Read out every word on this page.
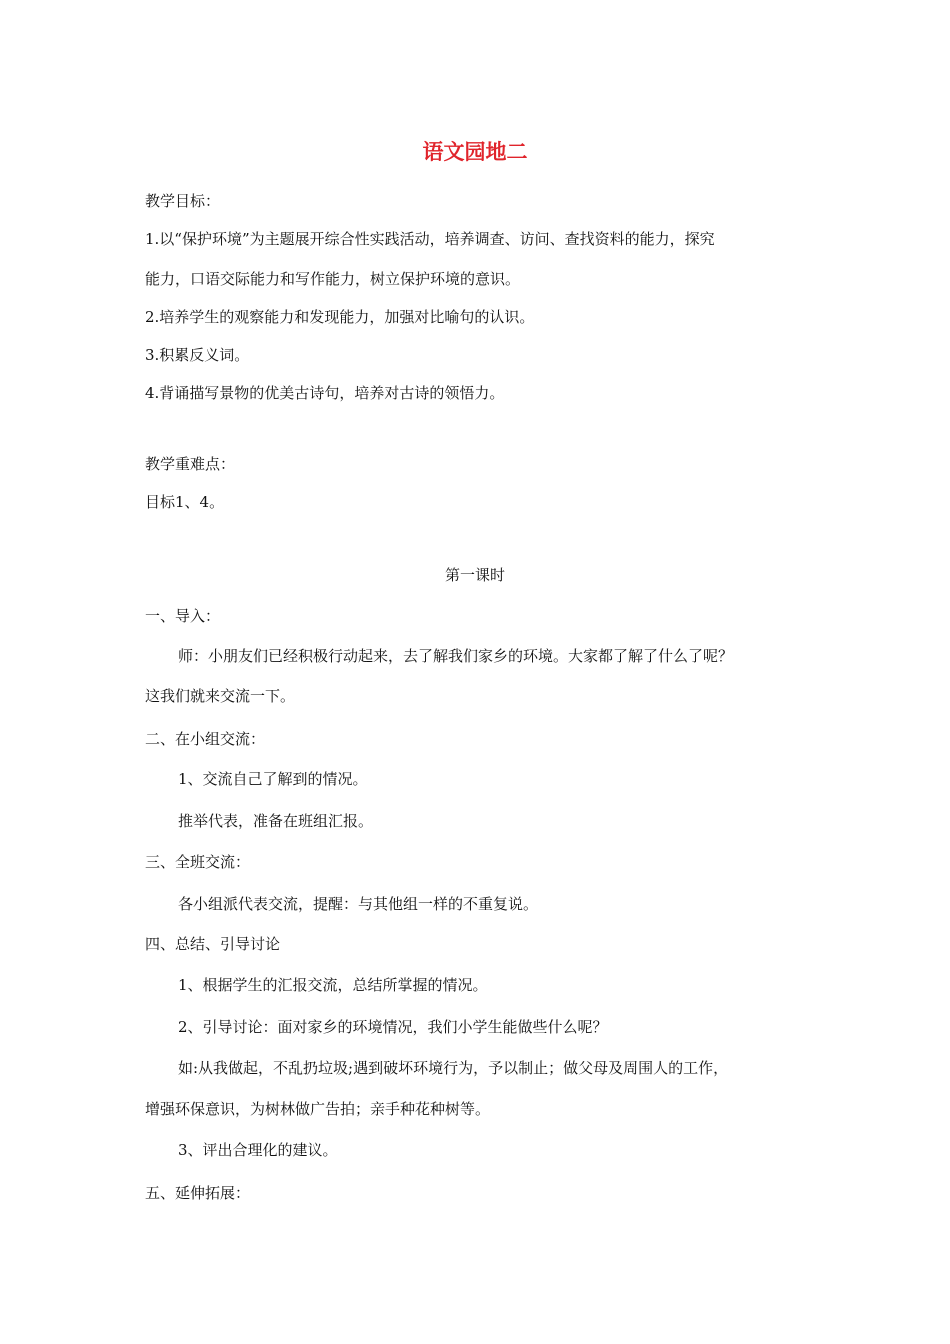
语文园地二
教学目标：
1.以“保护环境”为主题展开综合性实践活动，培养调查、访问、查找资料的能力，探究
能力，口语交际能力和写作能力，树立保护环境的意识。
2.培养学生的观察能力和发现能力，加强对比喻句的认识。
3.积累反义词。
4.背诵描写景物的优美古诗句，培养对古诗的领悟力。
教学重难点：
目标1、4。
第一课时
一、导入：
师：小朋友们已经积极行动起来，去了解我们家乡的环境。大家都了解了什么了呢？
这我们就来交流一下。
二、在小组交流：
1、交流自己了解到的情况。
推举代表，准备在班组汇报。
三、全班交流：
各小组派代表交流，提醒：与其他组一样的不重复说。
四、总结、引导讨论
1、根据学生的汇报交流，总结所掌握的情况。
2、引导讨论：面对家乡的环境情况，我们小学生能做些什么呢？
如:从我做起，不乱扔垃圾;遇到破坏环境行为，予以制止；做父母及周围人的工作，
增强环保意识，为树林做广告拍；亲手种花种树等。
3、评出合理化的建议。
五、延伸拓展：
